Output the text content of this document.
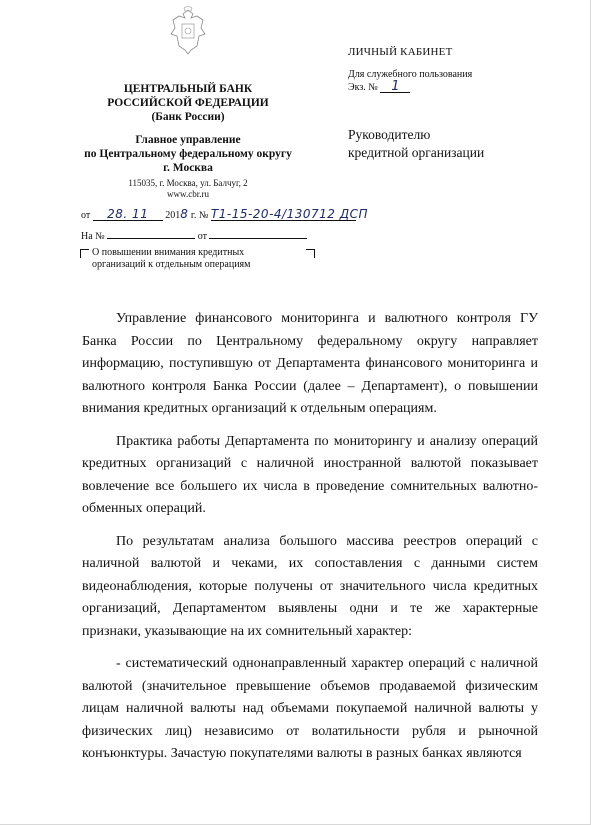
ЦЕНТРАЛЬНЫЙ БАНК
РОССИЙСКОЙ ФЕДЕРАЦИИ
(Банк России)
Главное управление
по Центральному федеральному округу
г. Москва
115035, г. Москва, ул. Балчуг, 2
www.cbr.ru
ЛИЧНЫЙ КАБИНЕТ
Для служебного пользования
Экз. № 1
Руководителю
кредитной организации
от 28. 11 2018 г. № Т1-15-20-4/130712 ДСП
На №	от
О повышении внимания кредитных
организаций к отдельным операциям

Управление финансового мониторинга и валютного контроля ГУ Банка России по Центральному федеральному округу направляет информацию, поступившую от Департамента финансового мониторинга и валютного контроля Банка России (далее – Департамент), о повышении внимания кредитных организаций к отдельным операциям.

Практика работы Департамента по мониторингу и анализу операций кредитных организаций с наличной иностранной валютой показывает вовлечение все большего их числа в проведение сомнительных валютно-обменных операций.

По результатам анализа большого массива реестров операций с наличной валютой и чеками, их сопоставления с данными систем видеонаблюдения, которые получены от значительного числа кредитных организаций, Департаментом выявлены одни и те же характерные признаки, указывающие на их сомнительный характер:

- систематический однонаправленный характер операций с наличной валютой (значительное превышение объемов продаваемой физическим лицам наличной валюты над объемами покупаемой наличной валюты у физических лиц) независимо от волатильности рубля и рыночной конъюнктуры. Зачастую покупателями валюты в разных банках являются
